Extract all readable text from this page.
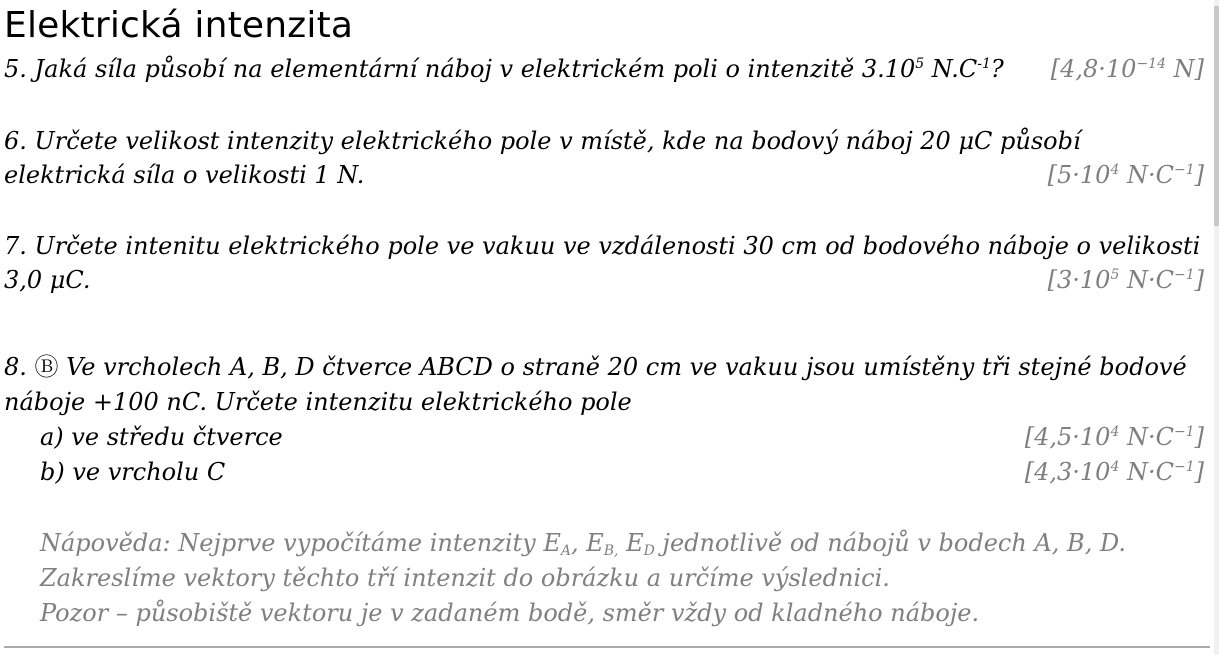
Elektrická intenzita
5. Jaká síla působí na elementární náboj v elektrickém poli o intenzitě 3.10$^5$ $N.C^{-1}$? [$4,8\cdot 10^{-14}$ N]
6. Určete velikost intenzity elektrického pole v místě, kde na bodový náboj 20 μC působí
elektrická síla o velikosti 1 N.	[$5\cdot 10^4$ $N\cdot C^{-1}$]
7. Určete intenitu elektrického pole ve vakuu ve vzdálenosti 30 cm od bodového náboje o velikosti
3,0 μC.	[$3\cdot 10^5$ $N\cdot C^{-1}$]
8. Ⓑ Ve vrcholech A, B, D čtverce ABCD o straně 20 cm ve vakuu jsou umístěny tři stejné bodové
náboje +100 nC. Určete intenzitu elektrického pole
a) ve středu čtverce	[$4,5\cdot 10^4$ $N\cdot C^{-1}$]
b) ve vrcholu C	[$4,3\cdot 10^4$ $N\cdot C^{-1}$]
Nápověda: Nejprve vypočítáme intenzity $E_A$, $E_{B,}$ $E_D$ jednotlivě od nábojů v bodech A, B, D.
Zakreslíme vektory těchto tří intenzit do obrázku a určíme výslednici.
Pozor – působiště vektoru je v zadaném bodě, směr vždy od kladného náboje.
